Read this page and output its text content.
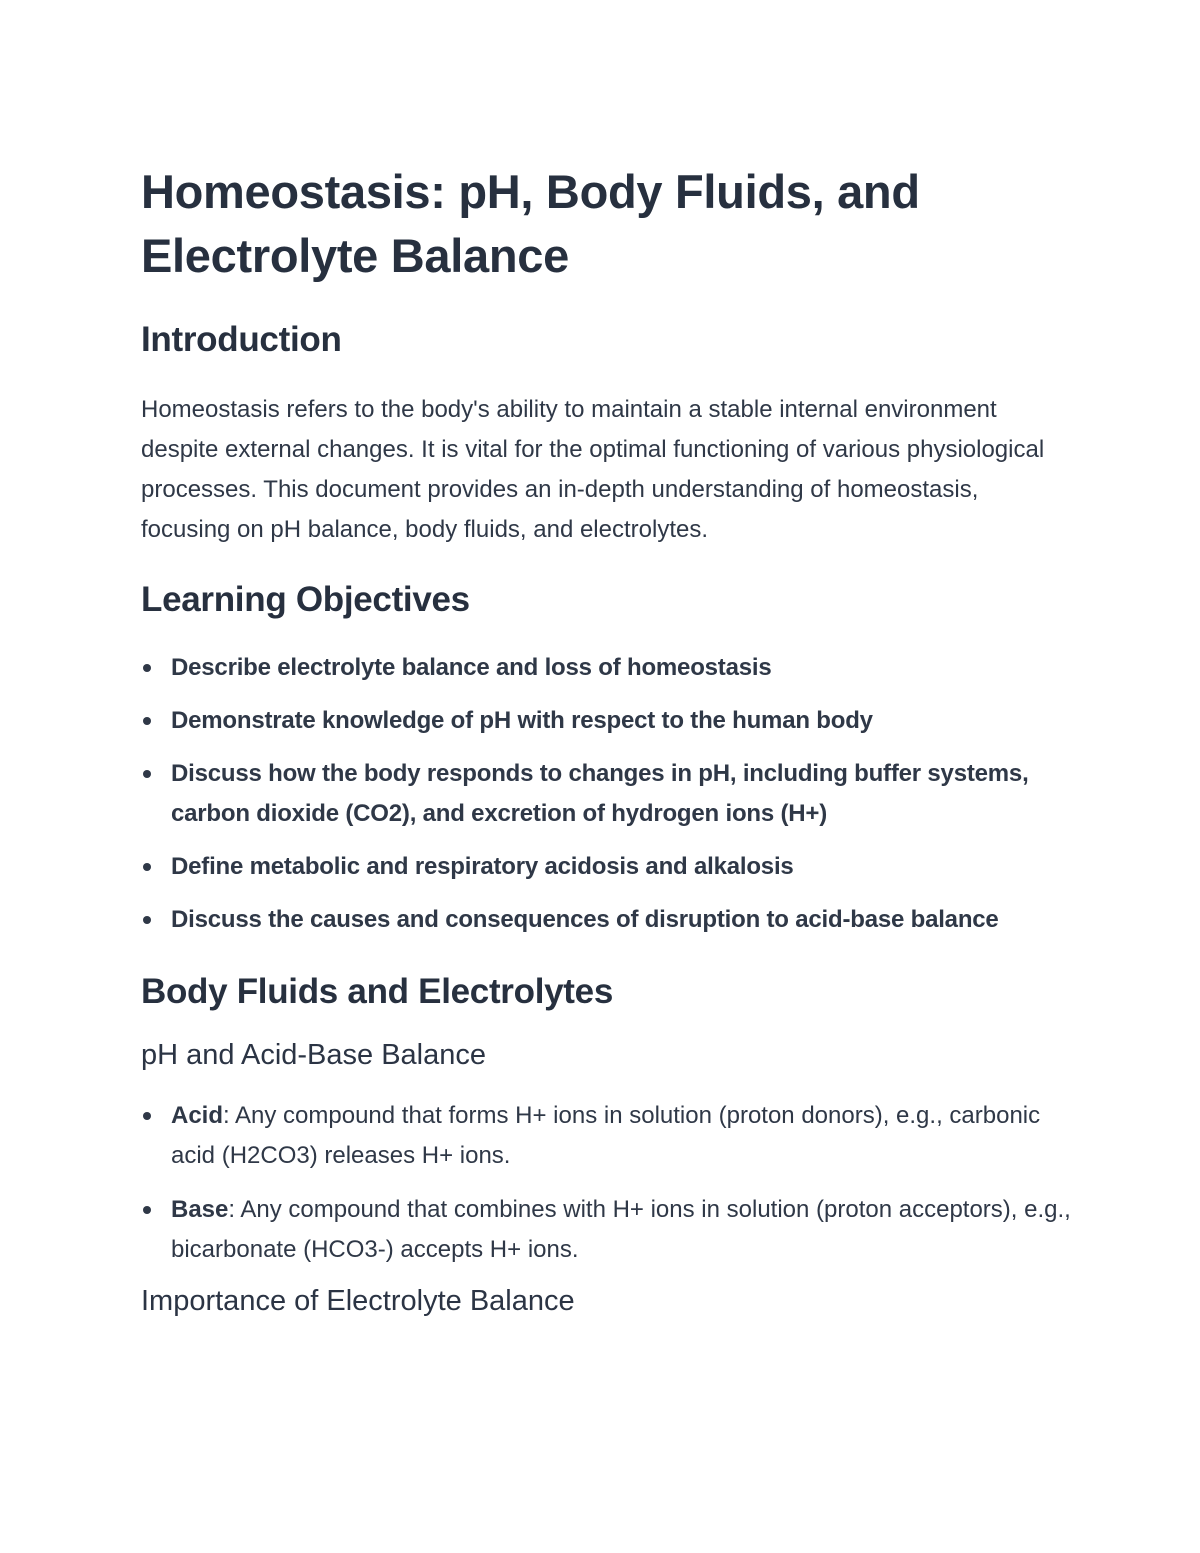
Homeostasis: pH, Body Fluids, and Electrolyte Balance
Introduction

Homeostasis refers to the body's ability to maintain a stable internal environment despite external changes. It is vital for the optimal functioning of various physiological processes. This document provides an in-depth understanding of homeostasis, focusing on pH balance, body fluids, and electrolytes.

Learning Objectives
Describe electrolyte balance and loss of homeostasis
Demonstrate knowledge of pH with respect to the human body
Discuss how the body responds to changes in pH, including buffer systems, carbon dioxide (CO2), and excretion of hydrogen ions (H+)
Define metabolic and respiratory acidosis and alkalosis
Discuss the causes and consequences of disruption to acid-base balance
Body Fluids and Electrolytes
pH and Acid-Base Balance
Acid: Any compound that forms H+ ions in solution (proton donors), e.g., carbonic acid (H2CO3) releases H+ ions.
Base: Any compound that combines with H+ ions in solution (proton acceptors), e.g., bicarbonate (HCO3-) accepts H+ ions.
Importance of Electrolyte Balance
